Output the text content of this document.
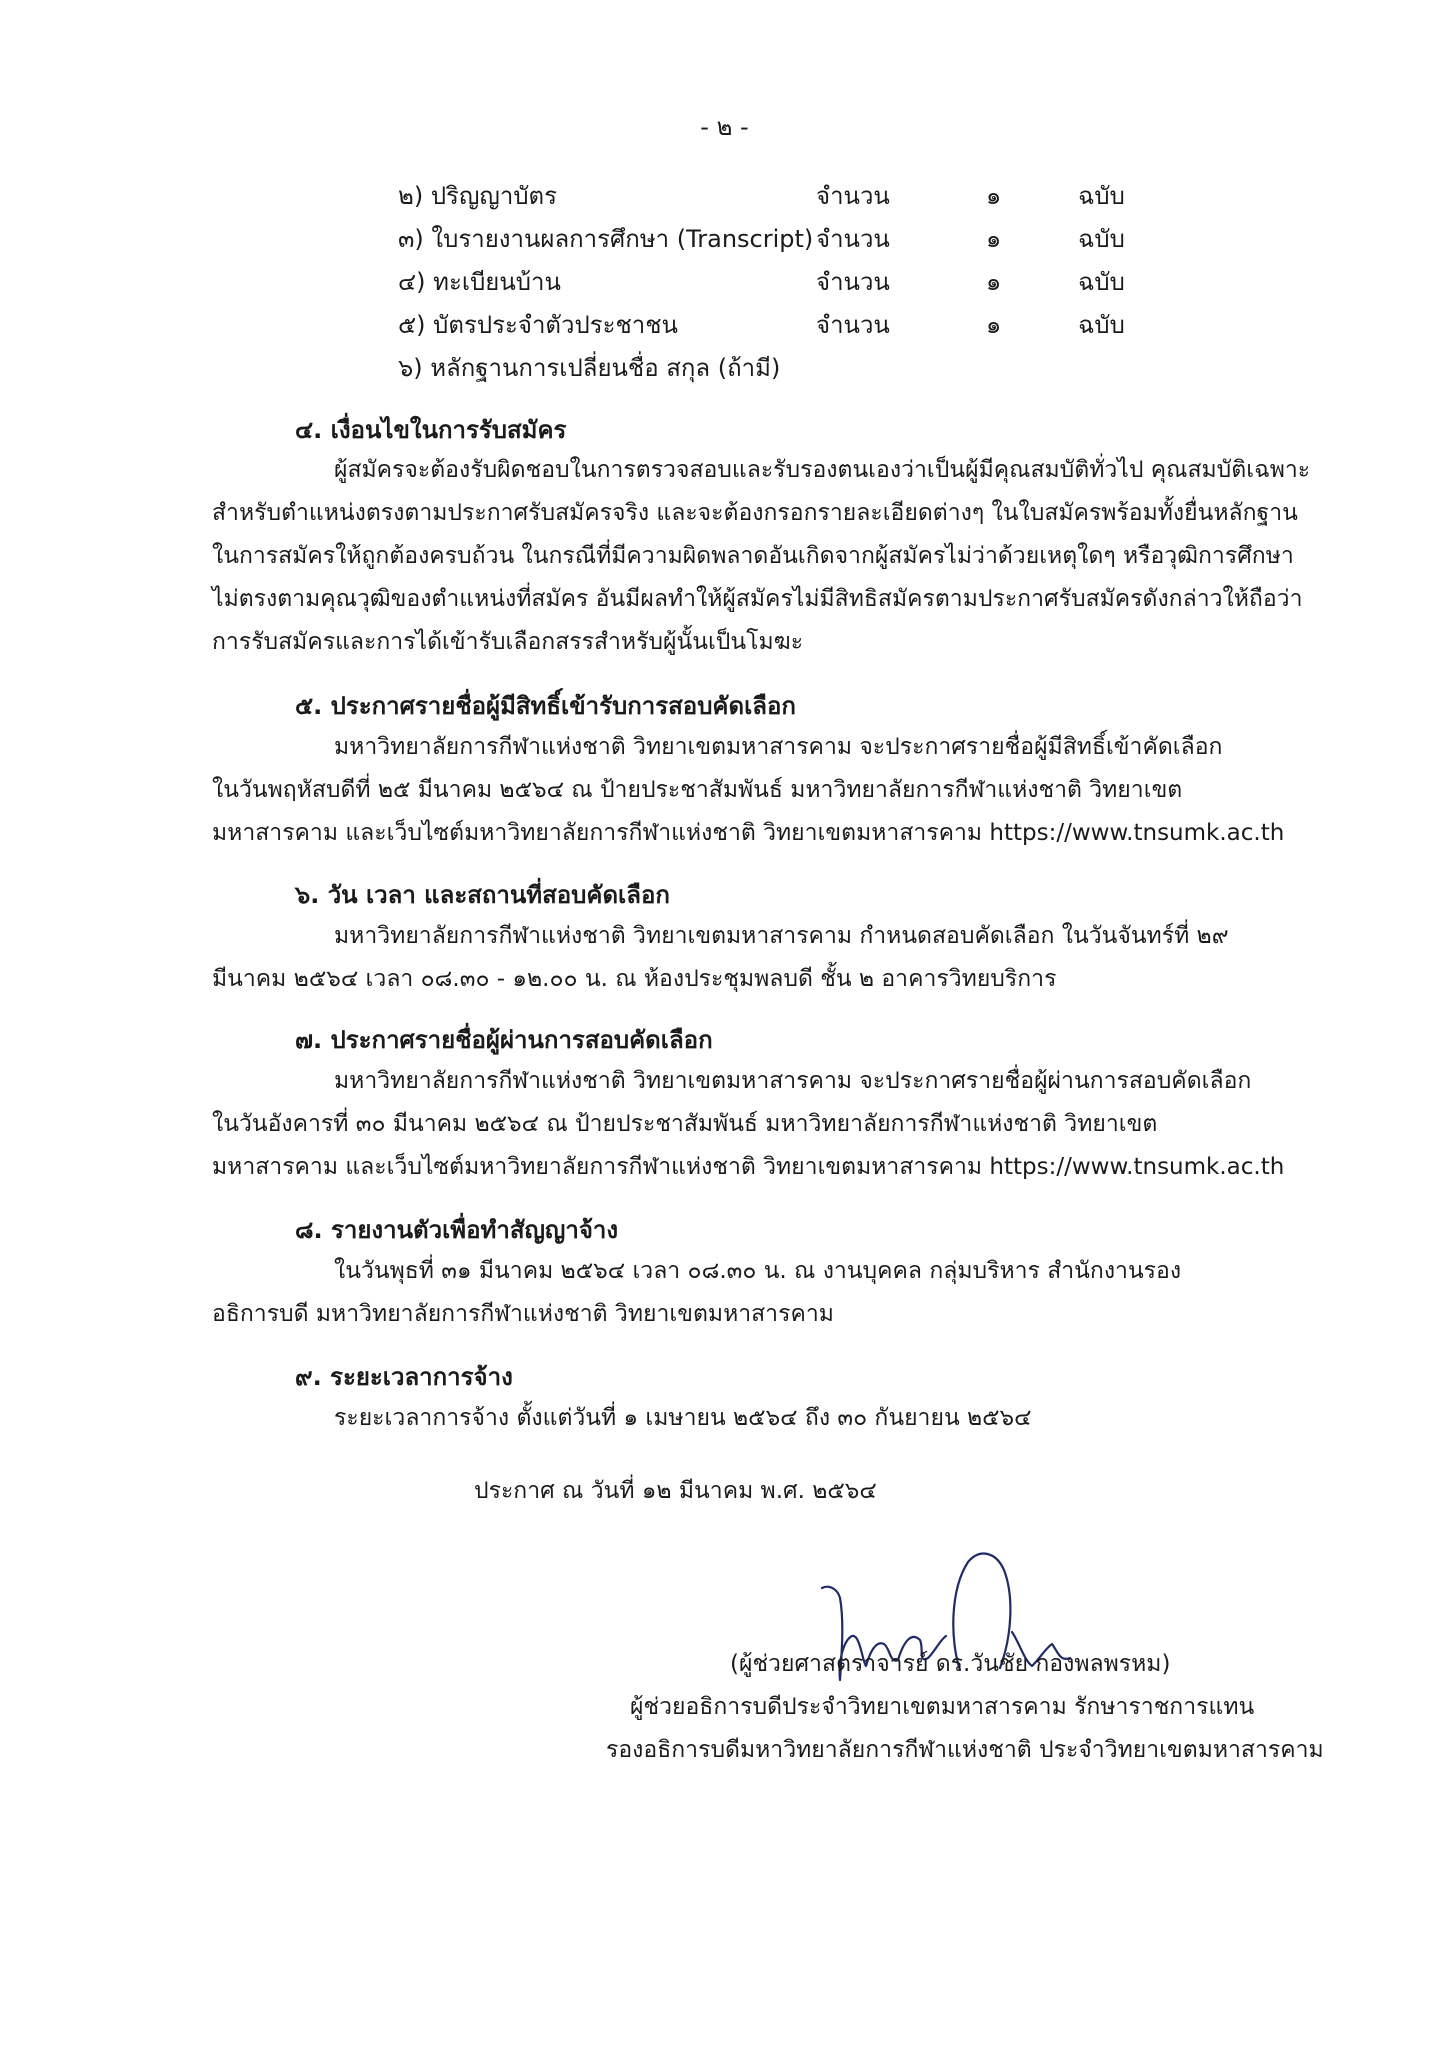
- ๒ -
๒) ปริญญาบัตร	จำนวน	๑	ฉบับ
๓) ใบรายงานผลการศึกษา (Transcript) จำนวน	๑	ฉบับ
๔) ทะเบียนบ้าน	จำนวน	๑	ฉบับ
๕) บัตรประจำตัวประชาชน	จำนวน	๑	ฉบับ
๖) หลักฐานการเปลี่ยนชื่อ สกุล (ถ้ามี)
๔. เงื่อนไขในการรับสมัคร
ผู้สมัครจะต้องรับผิดชอบในการตรวจสอบและรับรองตนเองว่าเป็นผู้มีคุณสมบัติทั่วไป คุณสมบัติเฉพาะ
สำหรับตำแหน่งตรงตามประกาศรับสมัครจริง และจะต้องกรอกรายละเอียดต่างๆ ในใบสมัครพร้อมทั้งยื่นหลักฐาน
ในการสมัครให้ถูกต้องครบถ้วน ในกรณีที่มีความผิดพลาดอันเกิดจากผู้สมัครไม่ว่าด้วยเหตุใดๆ หรือวุฒิการศึกษา
ไม่ตรงตามคุณวุฒิของตำแหน่งที่สมัคร อันมีผลทำให้ผู้สมัครไม่มีสิทธิสมัครตามประกาศรับสมัครดังกล่าวให้ถือว่า
การรับสมัครและการได้เข้ารับเลือกสรรสำหรับผู้นั้นเป็นโมฆะ
๕. ประกาศรายชื่อผู้มีสิทธิ์เข้ารับการสอบคัดเลือก
มหาวิทยาลัยการกีฬาแห่งชาติ วิทยาเขตมหาสารคาม จะประกาศรายชื่อผู้มีสิทธิ์เข้าคัดเลือก
ในวันพฤหัสบดีที่ ๒๕ มีนาคม ๒๕๖๔ ณ ป้ายประชาสัมพันธ์ มหาวิทยาลัยการกีฬาแห่งชาติ วิทยาเขต
มหาสารคาม และเว็บไซต์มหาวิทยาลัยการกีฬาแห่งชาติ วิทยาเขตมหาสารคาม https://www.tnsumk.ac.th
๖. วัน เวลา และสถานที่สอบคัดเลือก
มหาวิทยาลัยการกีฬาแห่งชาติ วิทยาเขตมหาสารคาม กำหนดสอบคัดเลือก ในวันจันทร์ที่ ๒๙
มีนาคม ๒๕๖๔ เวลา ๐๘.๓๐ - ๑๒.๐๐ น. ณ ห้องประชุมพลบดี ชั้น ๒ อาคารวิทยบริการ
๗. ประกาศรายชื่อผู้ผ่านการสอบคัดเลือก
มหาวิทยาลัยการกีฬาแห่งชาติ วิทยาเขตมหาสารคาม จะประกาศรายชื่อผู้ผ่านการสอบคัดเลือก
ในวันอังคารที่ ๓๐ มีนาคม ๒๕๖๔ ณ ป้ายประชาสัมพันธ์ มหาวิทยาลัยการกีฬาแห่งชาติ วิทยาเขต
มหาสารคาม และเว็บไซต์มหาวิทยาลัยการกีฬาแห่งชาติ วิทยาเขตมหาสารคาม https://www.tnsumk.ac.th
๘. รายงานตัวเพื่อทำสัญญาจ้าง
ในวันพุธที่ ๓๑ มีนาคม ๒๕๖๔ เวลา ๐๘.๓๐ น. ณ งานบุคคล กลุ่มบริหาร สำนักงานรอง
อธิการบดี มหาวิทยาลัยการกีฬาแห่งชาติ วิทยาเขตมหาสารคาม
๙. ระยะเวลาการจ้าง
ระยะเวลาการจ้าง ตั้งแต่วันที่ ๑ เมษายน ๒๕๖๔ ถึง ๓๐ กันยายน ๒๕๖๔
ประกาศ ณ วันที่ ๑๒ มีนาคม พ.ศ. ๒๕๖๔
(ผู้ช่วยศาสตราจารย์ ดร.วันชัย กองพลพรหม)
ผู้ช่วยอธิการบดีประจำวิทยาเขตมหาสารคาม รักษาราชการแทน
รองอธิการบดีมหาวิทยาลัยการกีฬาแห่งชาติ ประจำวิทยาเขตมหาสารคาม
